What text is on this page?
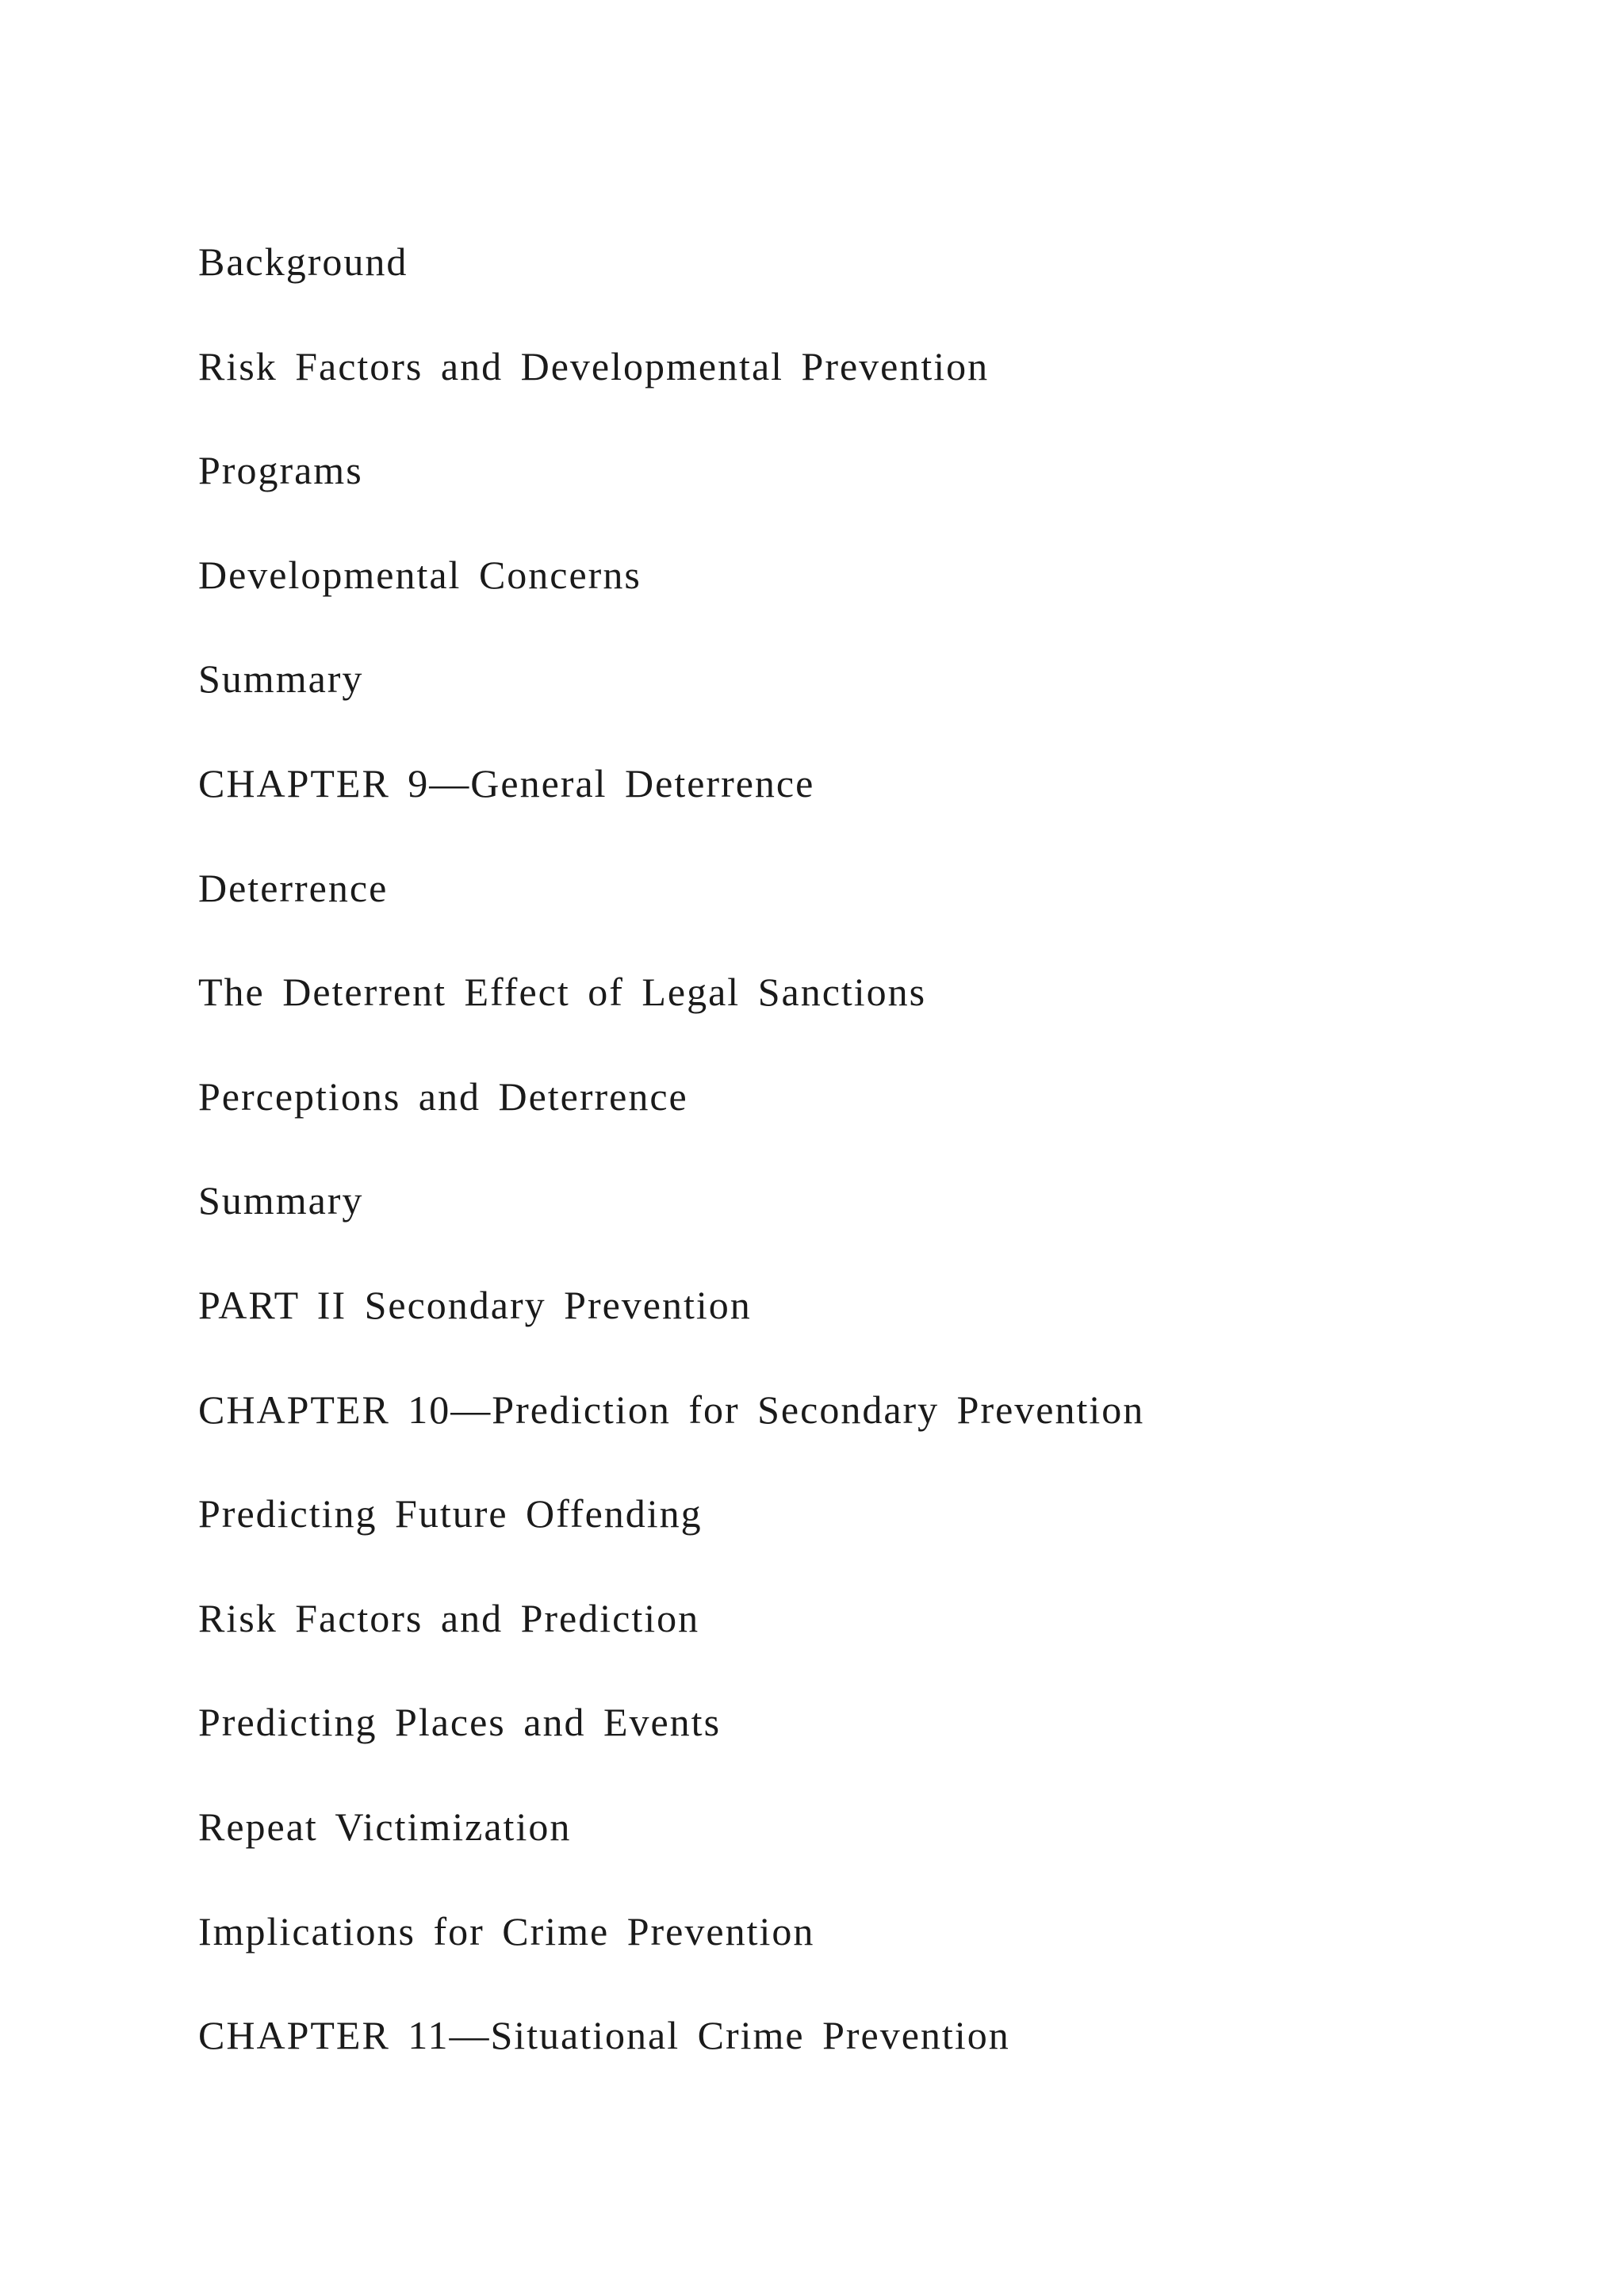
Background
Risk Factors and Developmental Prevention
Programs
Developmental Concerns
Summary
CHAPTER 9—General Deterrence
Deterrence
The Deterrent Effect of Legal Sanctions
Perceptions and Deterrence
Summary
PART II Secondary Prevention
CHAPTER 10—Prediction for Secondary Prevention
Predicting Future Offending
Risk Factors and Prediction
Predicting Places and Events
Repeat Victimization
Implications for Crime Prevention
CHAPTER 11—Situational Crime Prevention
